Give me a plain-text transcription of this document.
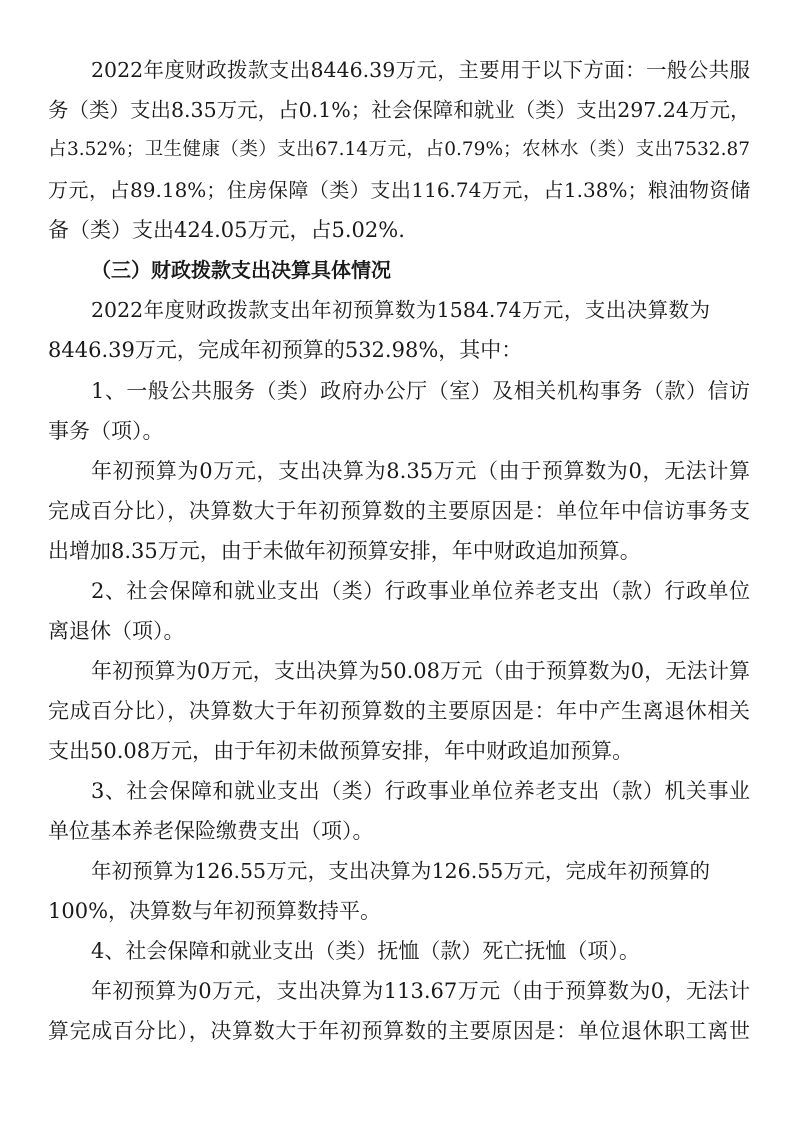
2022年度财政拨款支出8446.39万元，主要用于以下方面：一般公共服

务（类）支出8.35万元，占0.1%；社会保障和就业（类）支出297.24万元，

占3.52%；卫生健康（类）支出67.14万元，占0.79%；农林水（类）支出7532.87

万元，占89.18%；住房保障（类）支出116.74万元，占1.38%；粮油物资储

备（类）支出424.05万元，占5.02%.

（三）财政拨款支出决算具体情况

2022年度财政拨款支出年初预算数为1584.74万元，支出决算数为

8446.39万元，完成年初预算的532.98%，其中：

1、一般公共服务（类）政府办公厅（室）及相关机构事务（款）信访

事务（项）。

年初预算为0万元，支出决算为8.35万元（由于预算数为0，无法计算

完成百分比），决算数大于年初预算数的主要原因是：单位年中信访事务支

出增加8.35万元，由于未做年初预算安排，年中财政追加预算。

2、社会保障和就业支出（类）行政事业单位养老支出（款）行政单位

离退休（项）。

年初预算为0万元，支出决算为50.08万元（由于预算数为0，无法计算

完成百分比），决算数大于年初预算数的主要原因是：年中产生离退休相关

支出50.08万元，由于年初未做预算安排，年中财政追加预算。

3、社会保障和就业支出（类）行政事业单位养老支出（款）机关事业

单位基本养老保险缴费支出（项）。

年初预算为126.55万元，支出决算为126.55万元，完成年初预算的

100%，决算数与年初预算数持平。

4、社会保障和就业支出（类）抚恤（款）死亡抚恤（项）。

年初预算为0万元，支出决算为113.67万元（由于预算数为0，无法计

算完成百分比），决算数大于年初预算数的主要原因是：单位退休职工离世
